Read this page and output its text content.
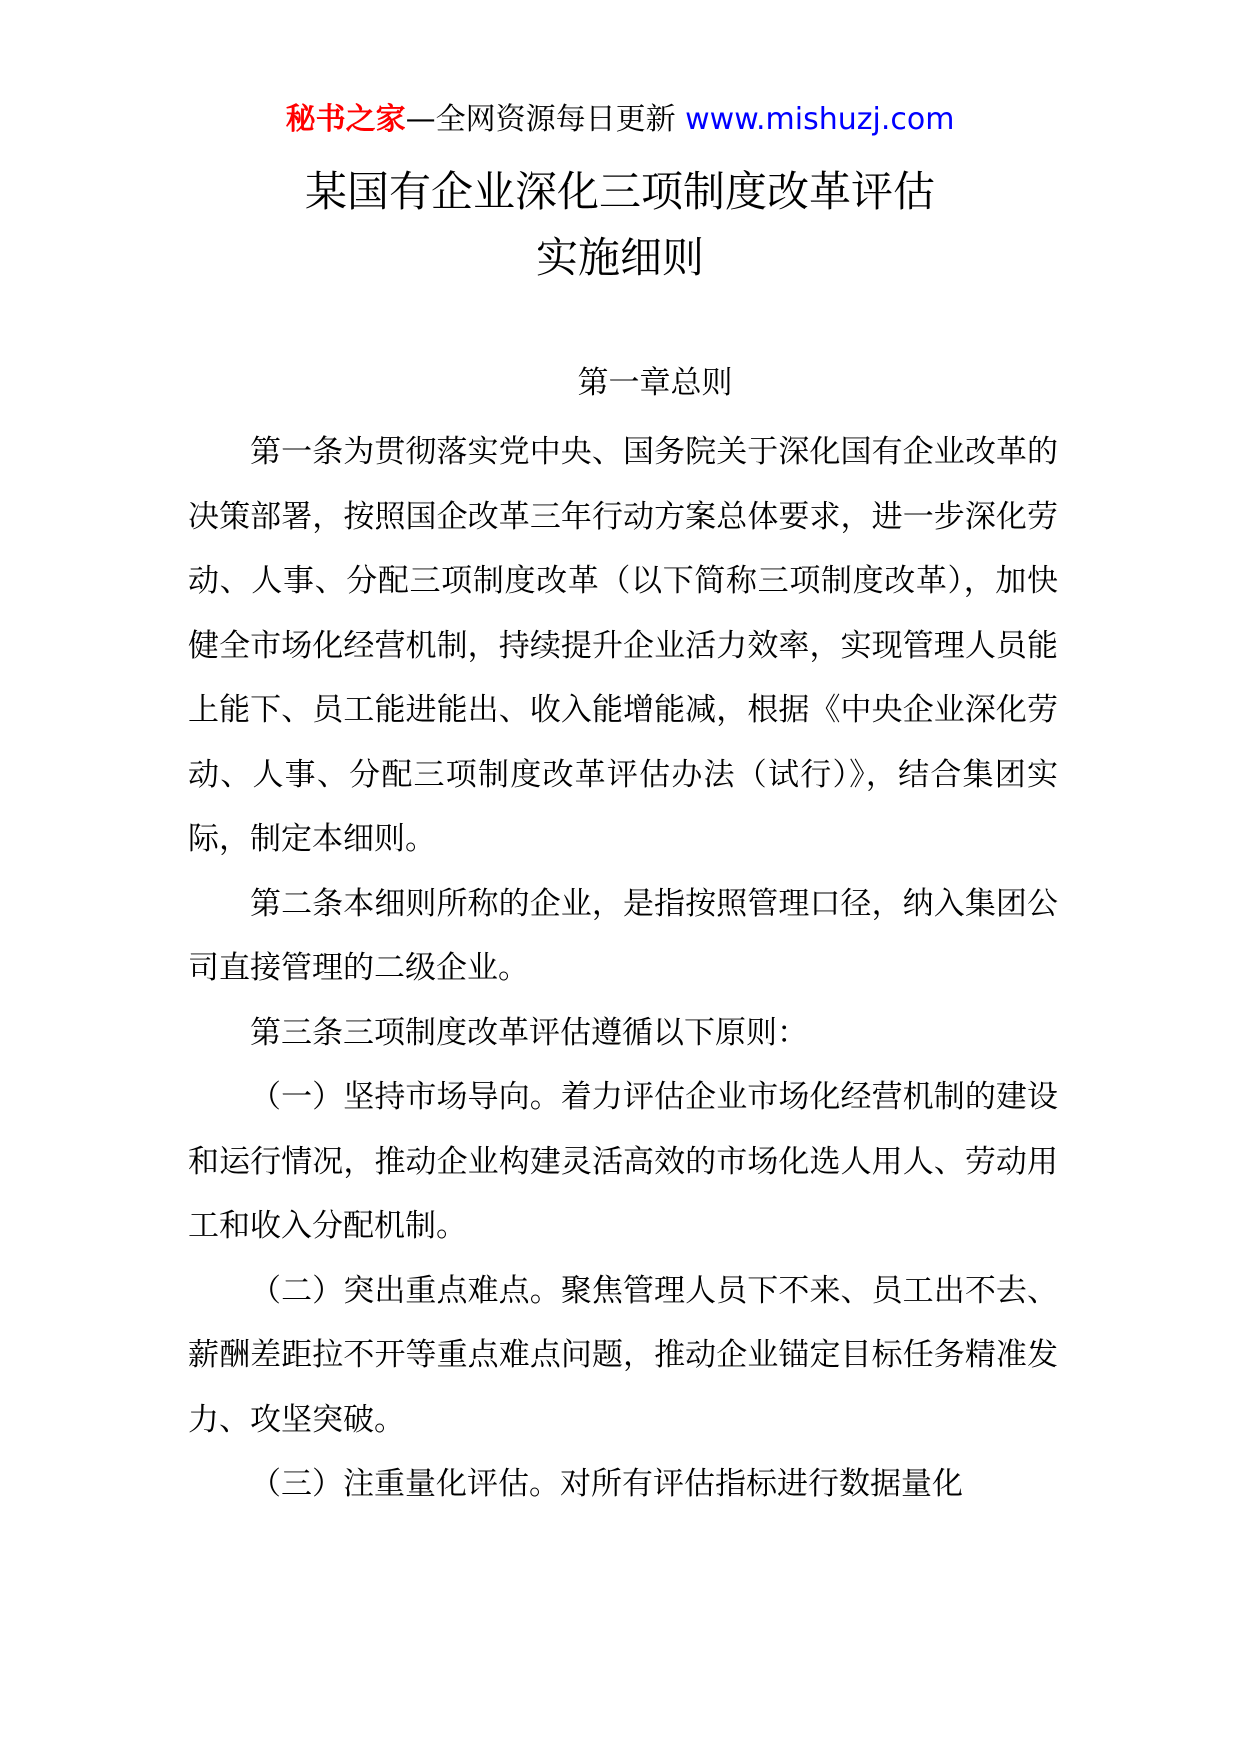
秘书之家—全网资源每日更新 www.mishuzj.com
某国有企业深化三项制度改革评估
实施细则
第一章总则

第一条为贯彻落实党中央、国务院关于深化国有企业改革的决策部署，按照国企改革三年行动方案总体要求，进一步深化劳动、人事、分配三项制度改革（以下简称三项制度改革），加快健全市场化经营机制，持续提升企业活力效率，实现管理人员能上能下、员工能进能出、收入能增能减，根据《中央企业深化劳动、人事、分配三项制度改革评估办法（试行）》，结合集团实际，制定本细则。

第二条本细则所称的企业，是指按照管理口径，纳入集团公司直接管理的二级企业。

第三条三项制度改革评估遵循以下原则：

（一）坚持市场导向。着力评估企业市场化经营机制的建设和运行情况，推动企业构建灵活高效的市场化选人用人、劳动用工和收入分配机制。

（二）突出重点难点。聚焦管理人员下不来、员工出不去、薪酬差距拉不开等重点难点问题，推动企业锚定目标任务精准发力、攻坚突破。

（三）注重量化评估。对所有评估指标进行数据量化
